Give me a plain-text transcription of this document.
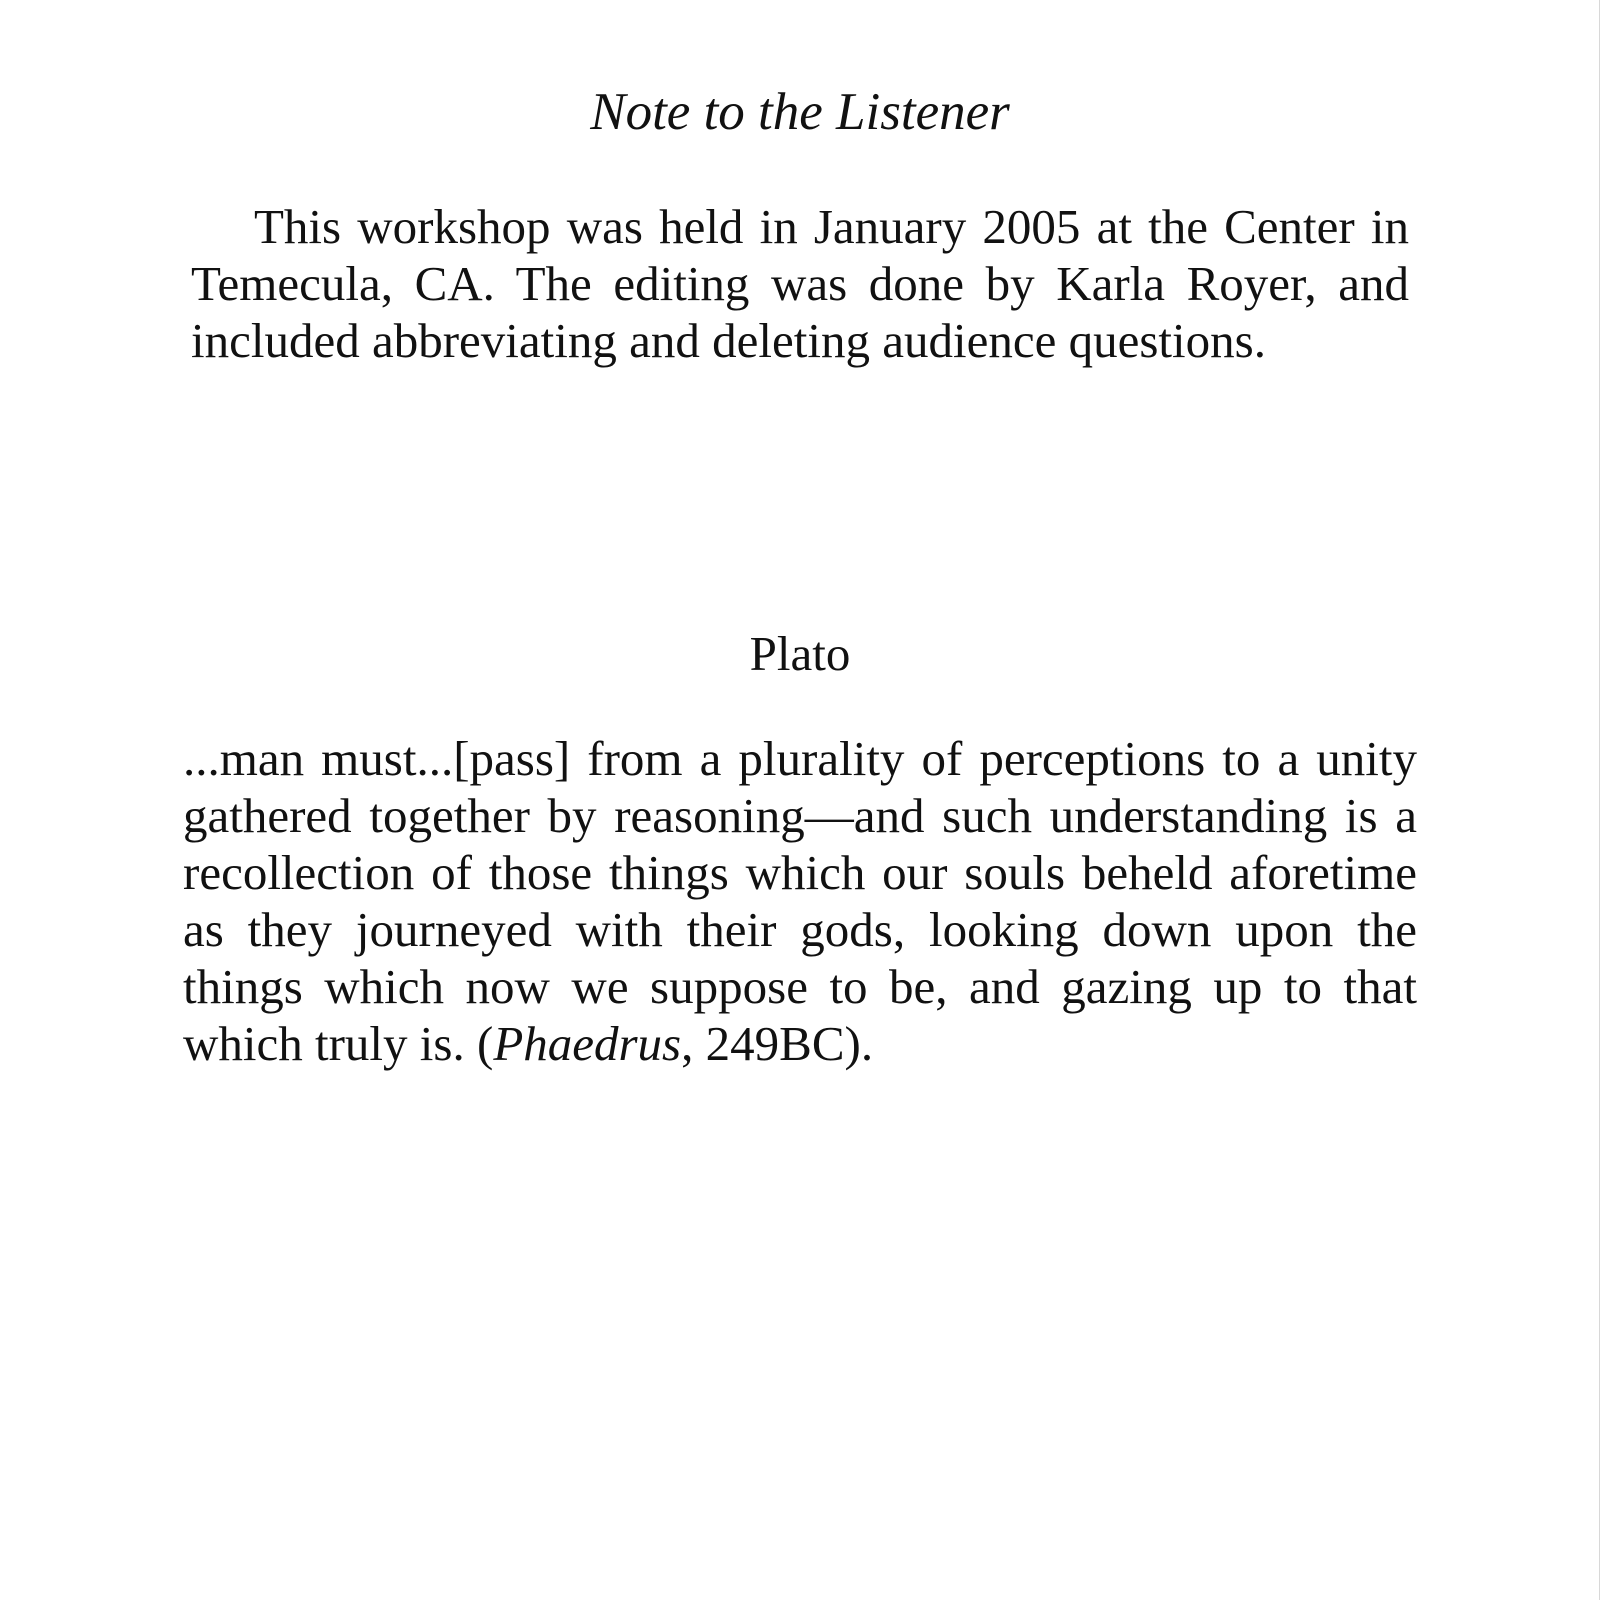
Note to the Listener

This workshop was held in January 2005 at the Center in Temecula, CA. The editing was done by Karla Royer, and included abbreviating and deleting audience questions.

Plato

...man must...[pass] from a plurality of perceptions to a unity gathered together by reasoning—and such understanding is a recollection of those things which our souls beheld aforetime as they journeyed with their gods, looking down upon the things which now we suppose to be, and gazing up to that which truly is. (Phaedrus, 249BC).
